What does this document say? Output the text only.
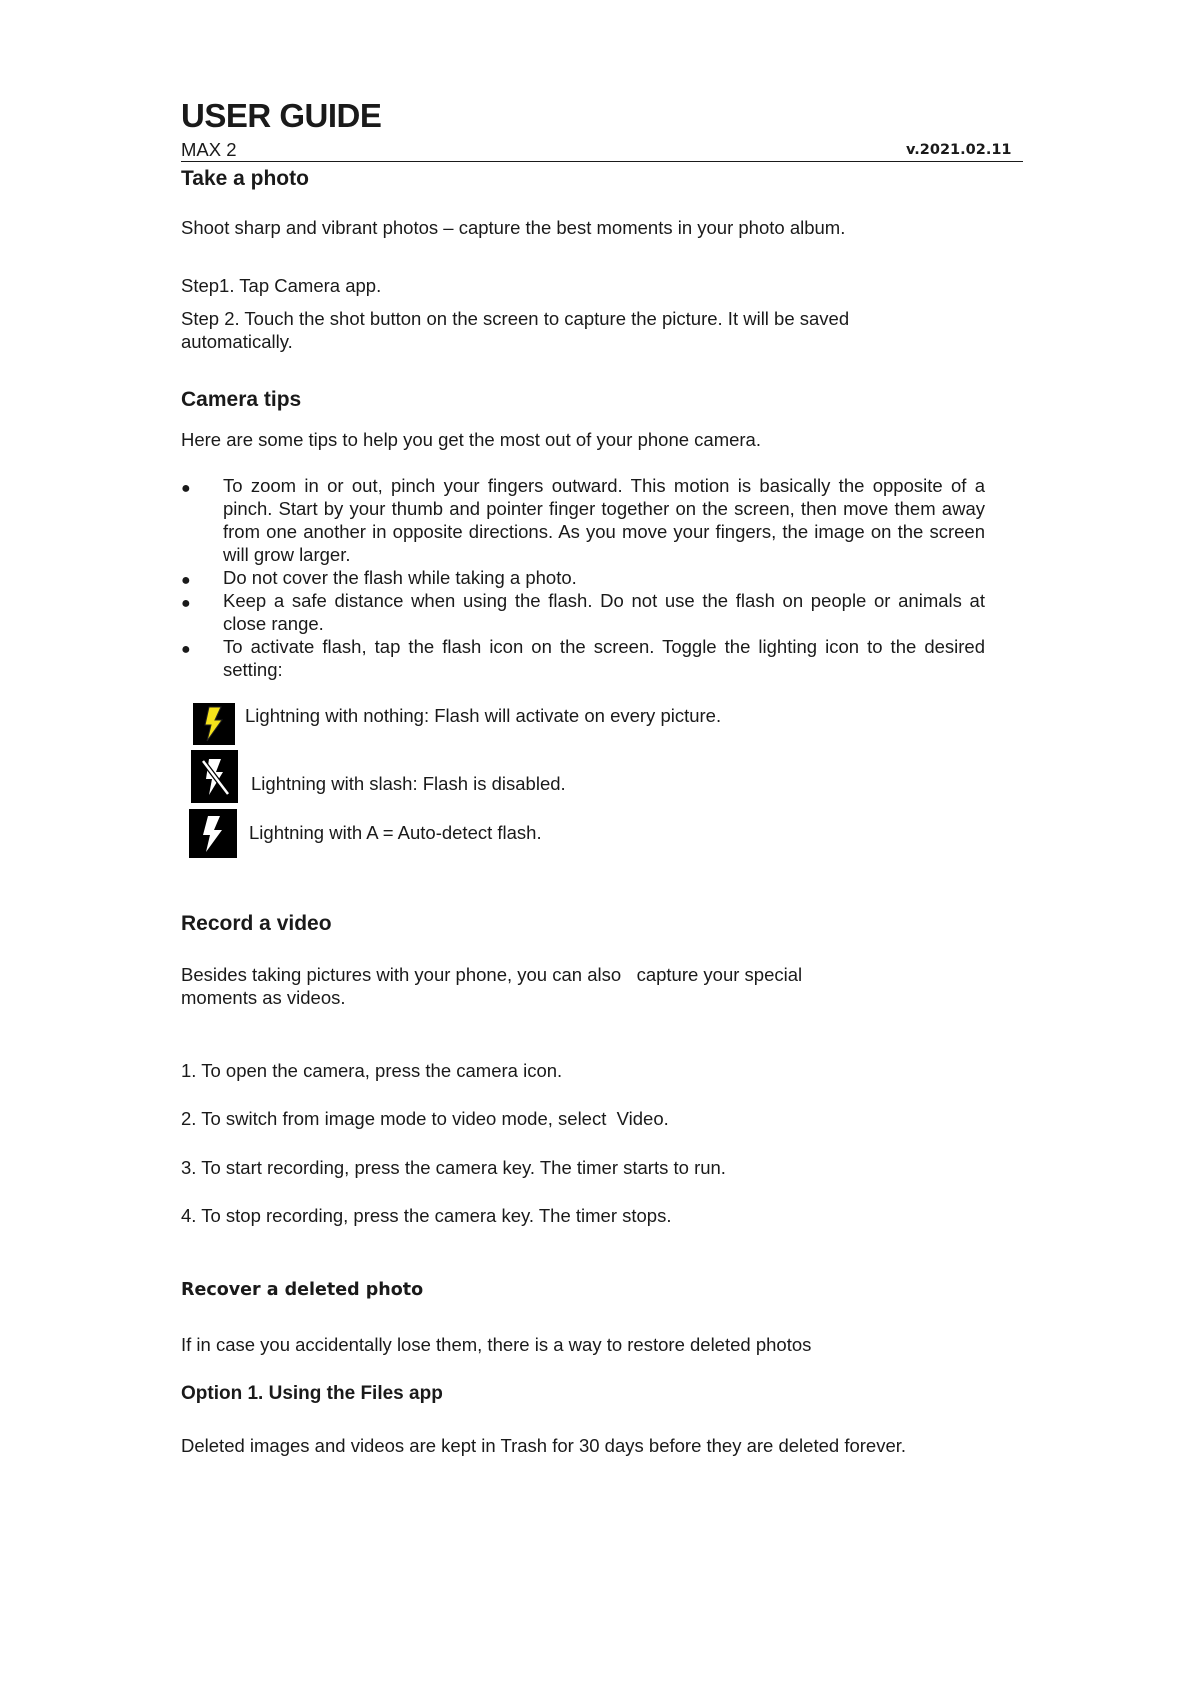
USER GUIDE
MAX 2	v.2021.02.11
Take a photo
Shoot sharp and vibrant photos – capture the best moments in your photo album.
Step1. Tap Camera app.
Step 2. Touch the shot button on the screen to capture the picture. It will be saved
automatically.
Camera tips
Here are some tips to help you get the most out of your phone camera.
● To zoom in or out, pinch your fingers outward. This motion is basically the opposite of a pinch. Start by your thumb and pointer finger together on the screen, then move them away from one another in opposite directions. As you move your fingers, the image on the screen will grow larger.
● Do not cover the flash while taking a photo.
● Keep a safe distance when using the flash. Do not use the flash on people or animals at close range.
● To activate flash, tap the flash icon on the screen. Toggle the lighting icon to the desired setting:
Lightning with nothing: Flash will activate on every picture.
Lightning with slash: Flash is disabled.
Lightning with A = Auto-detect flash.
Record a video
Besides taking pictures with your phone, you can also   capture your special
moments as videos.
1. To open the camera, press the camera icon.
2. To switch from image mode to video mode, select  Video.
3. To start recording, press the camera key. The timer starts to run.
4. To stop recording, press the camera key. The timer stops.
Recover a deleted photo
If in case you accidentally lose them, there is a way to restore deleted photos
Option 1. Using the Files app
Deleted images and videos are kept in Trash for 30 days before they are deleted forever.
